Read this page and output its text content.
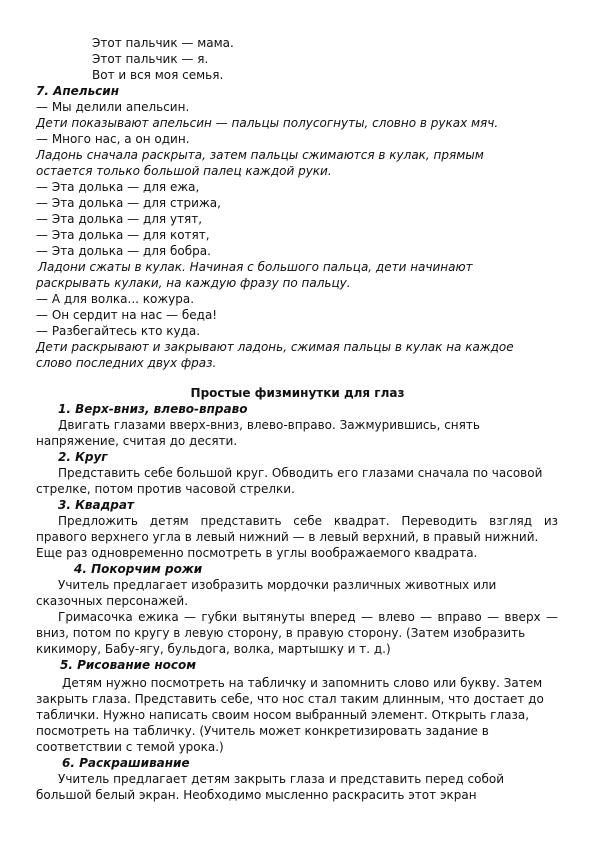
Этот пальчик — мама.
Этот пальчик — я.
Вот и вся моя семья.
7. Апельсин
— Мы делили апельсин.
Дети показывают апельсин — пальцы полусогнуты, словно в руках мяч.
— Много нас, а он один.
Ладонь сначала раскрыта, затем пальцы сжимаются в кулак, прямым
остается только большой палец каждой руки.
— Эта долька — для ежа,
— Эта долька — для стрижа,
— Эта долька — для утят,
— Эта долька — для котят,
— Эта долька — для бобра.
Ладони сжаты в кулак. Начиная с большого пальца, дети начинают
раскрывать кулаки, на каждую фразу по пальцу.
— А для волка... кожура.
— Он сердит на нас — беда!
— Разбегайтесь кто куда.
Дети раскрывают и закрывают ладонь, сжимая пальцы в кулак на каждое
слово последних двух фраз.
Простые физминутки для глаз
1. Верх-вниз, влево-вправо
Двигать глазами вверх-вниз, влево-вправо. Зажмурившись, снять
напряжение, считая до десяти.
2. Круг
Представить себе большой круг. Обводить его глазами сначала по часовой
стрелке, потом против часовой стрелки.
3. Квадрат
Предложить детям представить себе квадрат. Переводить взгляд из
правого верхнего угла в левый нижний — в левый верхний, в правый нижний.
Еще раз одновременно посмотреть в углы воображаемого квадрата.
4. Покорчим рожи
Учитель предлагает изобразить мордочки различных животных или
сказочных персонажей.
Гримасочка ежика — губки вытянуты вперед — влево — вправо — вверх —
вниз, потом по кругу в левую сторону, в правую сторону. (Затем изобразить
кикимору, Бабу-ягу, бульдога, волка, мартышку и т. д.)
5. Рисование носом
Детям нужно посмотреть на табличку и запомнить слово или букву. Затем
закрыть глаза. Представить себе, что нос стал таким длинным, что достает до
таблички. Нужно написать своим носом выбранный элемент. Открыть глаза,
посмотреть на табличку. (Учитель может конкретизировать задание в
соответствии с темой урока.)
6. Раскрашивание
Учитель предлагает детям закрыть глаза и представить перед собой
большой белый экран. Необходимо мысленно раскрасить этот экран
